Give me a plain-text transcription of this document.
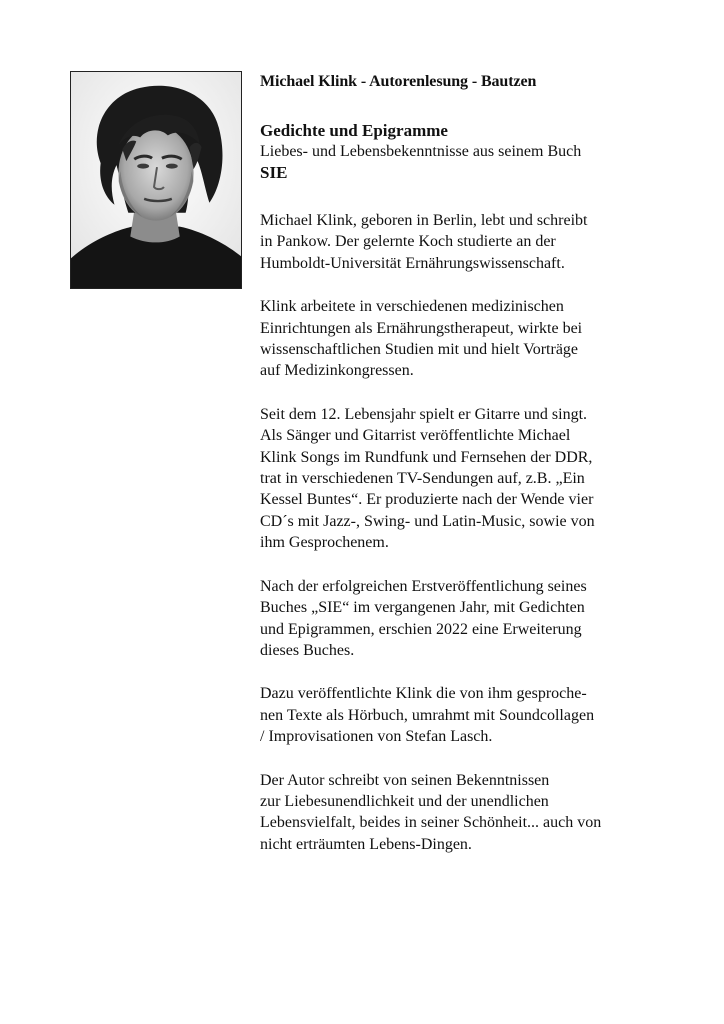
Michael Klink - Autorenlesung - Bautzen
Gedichte und Epigramme

Liebes- und Lebensbekenntnisse aus seinem Buch

SIE

Michael Klink, geboren in Berlin, lebt und schreibt
in Pankow. Der gelernte Koch studierte an der
Humboldt-Universität Ernährungswissenschaft.

Klink arbeitete in verschiedenen medizinischen
Einrichtungen als Ernährungstherapeut, wirkte bei
wissenschaftlichen Studien mit und hielt Vorträge
auf Medizinkongressen.

Seit dem 12. Lebensjahr spielt er Gitarre und singt.
Als Sänger und Gitarrist veröffentlichte Michael
Klink Songs im Rundfunk und Fernsehen der DDR,
trat in verschiedenen TV-Sendungen auf, z.B. „Ein
Kessel Buntes“. Er produzierte nach der Wende vier
CD´s mit Jazz-, Swing- und Latin-Music, sowie von
ihm Gesprochenem.

Nach der erfolgreichen Erstveröffentlichung seines
Buches „SIE“ im vergangenen Jahr, mit Gedichten
und Epigrammen, erschien 2022 eine Erweiterung
dieses Buches.

Dazu veröffentlichte Klink die von ihm gesproche-
nen Texte als Hörbuch, umrahmt mit Soundcollagen
/ Improvisationen von Stefan Lasch.

Der Autor schreibt von seinen Bekenntnissen
zur Liebesunendlichkeit und der unendlichen
Lebensvielfalt, beides in seiner Schönheit... auch von
nicht erträumten Lebens-Dingen.
